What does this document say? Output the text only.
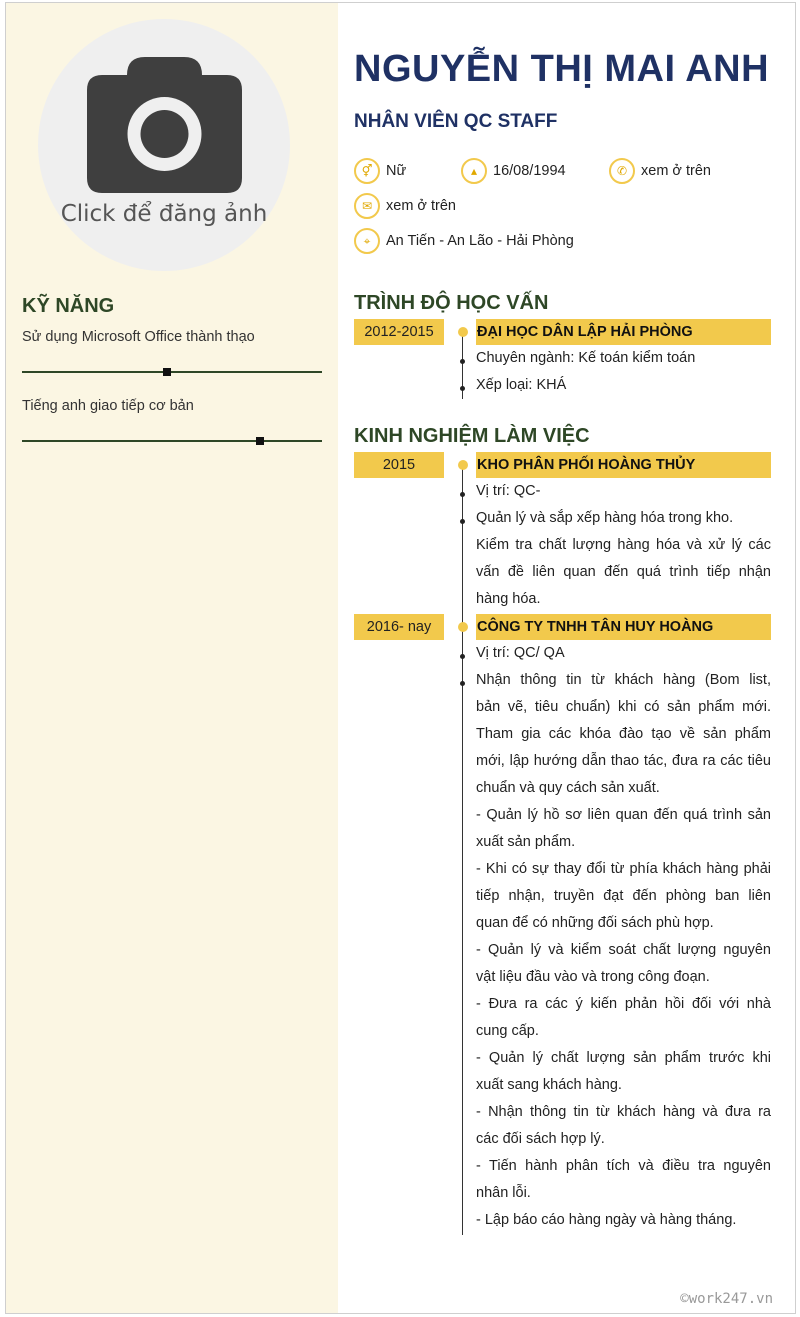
Click để đăng ảnh
KỸ NĂNG
Sử dụng Microsoft Office thành thạo
Tiếng anh giao tiếp cơ bản
NGUYỄN THỊ MAI ANH
NHÂN VIÊN QC STAFF
⚥ Nữ	▴	16/08/1994	✆ xem ở trên
✉ xem ở trên
⌖	An Tiến - An Lão - Hải Phòng
TRÌNH ĐỘ HỌC VẤN
2012-2015	ĐẠI HỌC DÂN LẬP HẢI PHÒNG
Chuyên ngành: Kế toán kiểm toán
Xếp loại: KHÁ
KINH NGHIỆM LÀM VIỆC
2015	KHO PHÂN PHỐI HOÀNG THỦY
Vị trí: QC-
Quản lý và sắp xếp hàng hóa trong kho.
Kiểm tra chất lượng hàng hóa và xử lý các
vấn đề liên quan đến quá trình tiếp nhận
hàng hóa.
2016- nay	CÔNG TY TNHH TÂN HUY HOÀNG
Vị trí: QC/ QA
Nhận thông tin từ khách hàng (Bom list,
bản vẽ, tiêu chuẩn) khi có sản phẩm mới.
Tham gia các khóa đào tạo về sản phẩm
mới, lập hướng dẫn thao tác, đưa ra các tiêu
chuẩn và quy cách sản xuất.
- Quản lý hồ sơ liên quan đến quá trình sản
xuất sản phẩm.
- Khi có sự thay đổi từ phía khách hàng phải
tiếp nhận, truyền đạt đến phòng ban liên
quan để có những đối sách phù hợp.
- Quản lý và kiểm soát chất lượng nguyên
vật liệu đầu vào và trong công đoạn.
- Đưa ra các ý kiến phản hồi đối với nhà
cung cấp.
- Quản lý chất lượng sản phẩm trước khi
xuất sang khách hàng.
- Nhận thông tin từ khách hàng và đưa ra
các đối sách hợp lý.
- Tiến hành phân tích và điều tra nguyên
nhân lỗi.
- Lập báo cáo hàng ngày và hàng tháng.
©work247.vn
